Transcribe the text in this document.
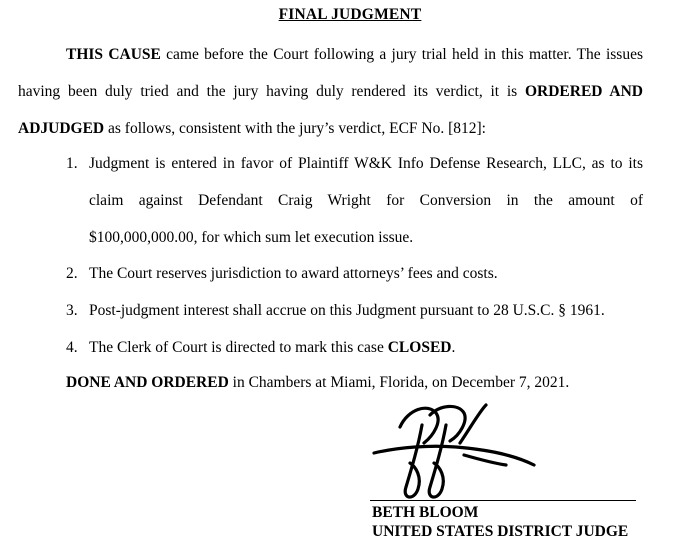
FINAL JUDGMENT
THIS CAUSE came before the Court following a jury trial held in this matter. The issues
having been duly tried and the jury having duly rendered its verdict, it is ORDERED AND
ADJUDGED as follows, consistent with the jury’s verdict, ECF No. [812]:
1. Judgment is entered in favor of Plaintiff W&K Info Defense Research, LLC, as to its
claim against Defendant Craig Wright for Conversion in the amount of
$100,000,000.00, for which sum let execution issue.
2. The Court reserves jurisdiction to award attorneys’ fees and costs.
3. Post-judgment interest shall accrue on this Judgment pursuant to 28 U.S.C. § 1961.
4. The Clerk of Court is directed to mark this case CLOSED.
DONE AND ORDERED in Chambers at Miami, Florida, on December 7, 2021.
BETH BLOOM
UNITED STATES DISTRICT JUDGE
